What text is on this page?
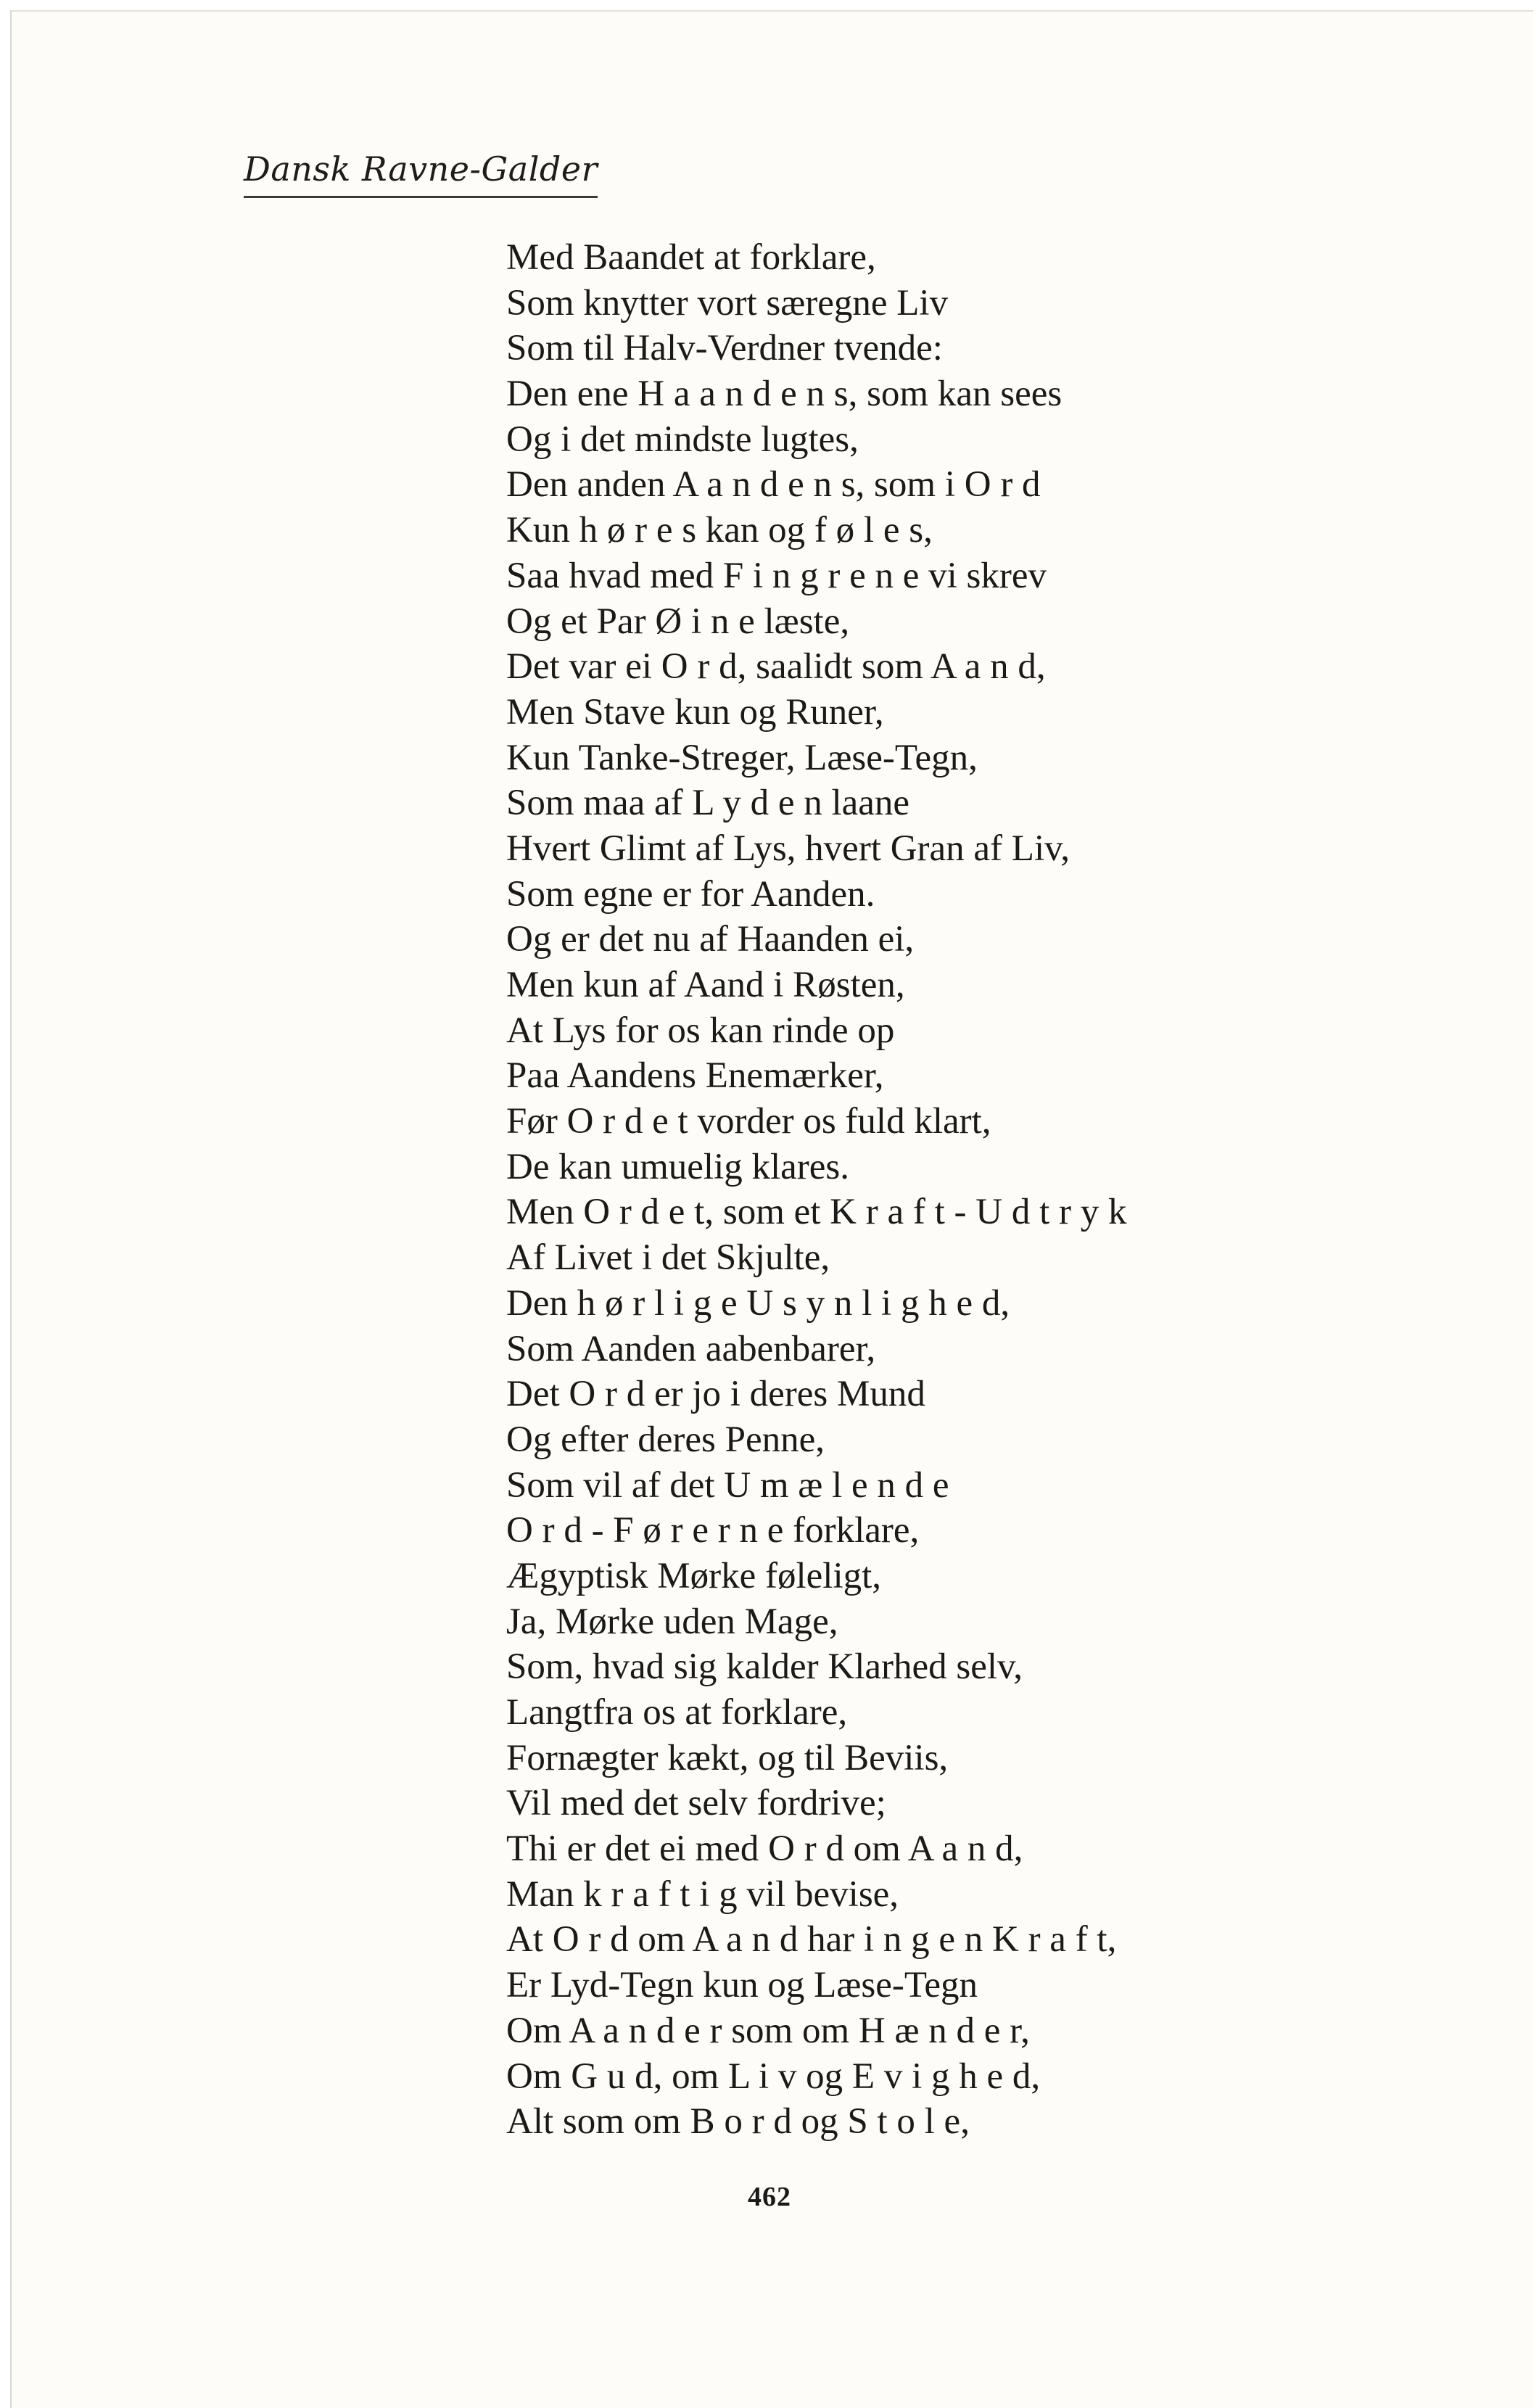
Dansk Ravne-Galder
Med Baandet at forklare,
Som knytter vort særegne Liv
Som til Halv-Verdner tvende:
Den ene H a a n d e n s, som kan sees
Og i det mindste lugtes,
Den anden A a n d e n s, som i O r d
Kun h ø r e s kan og f ø l e s,
Saa hvad med F i n g r e n e vi skrev
Og et Par Ø i n e læste,
Det var ei O r d, saalidt som A a n d,
Men Stave kun og Runer,
Kun Tanke-Streger, Læse-Tegn,
Som maa af L y d e n laane
Hvert Glimt af Lys, hvert Gran af Liv,
Som egne er for Aanden.
Og er det nu af Haanden ei,
Men kun af Aand i Røsten,
At Lys for os kan rinde op
Paa Aandens Enemærker,
Før O r d e t vorder os fuld klart,
De kan umuelig klares.
Men O r d e t, som et K r a f t - U d t r y k
Af Livet i det Skjulte,
Den h ø r l i g e U s y n l i g h e d,
Som Aanden aabenbarer,
Det O r d er jo i deres Mund
Og efter deres Penne,
Som vil af det U m æ l e n d e
O r d - F ø r e r n e forklare,
Ægyptisk Mørke føleligt,
Ja, Mørke uden Mage,
Som, hvad sig kalder Klarhed selv,
Langtfra os at forklare,
Fornægter kækt, og til Beviis,
Vil med det selv fordrive;
Thi er det ei med O r d om A a n d,
Man k r a f t i g vil bevise,
At O r d om A a n d har i n g e n K r a f t,
Er Lyd-Tegn kun og Læse-Tegn
Om A a n d e r som om H æ n d e r,
Om G u d, om L i v og E v i g h e d,
Alt som om B o r d og S t o l e,
462
